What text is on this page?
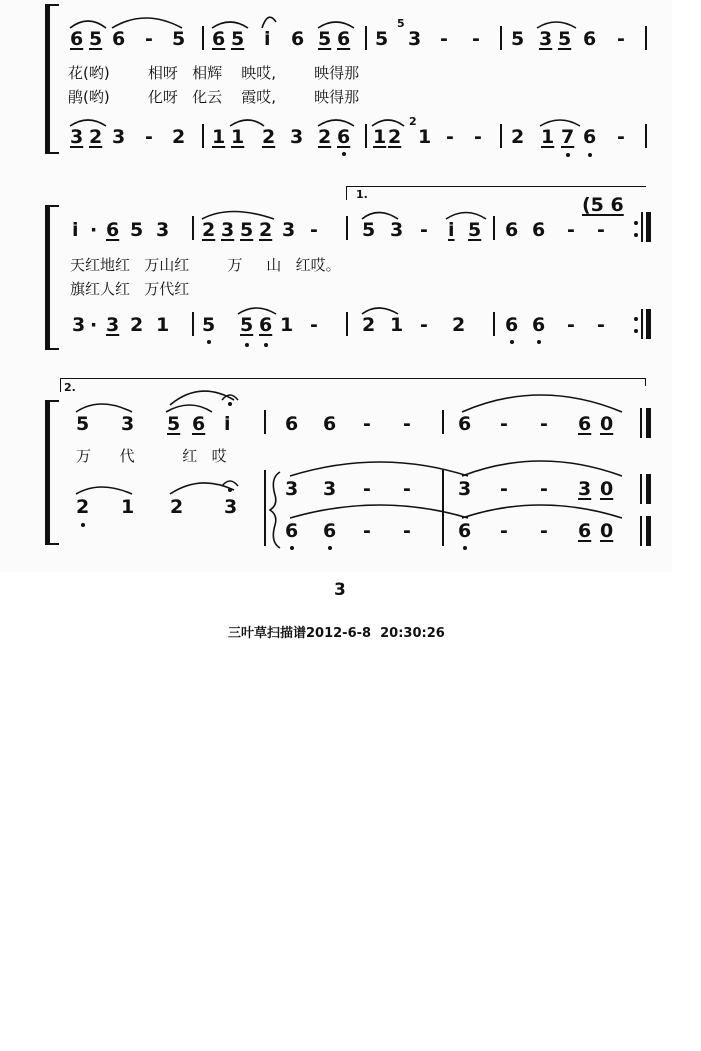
6 5 6 - 5 6 5 i 6 5 6 5
5
3 - - 5 3 5 6 -
花(哟)        相呀   相辉    映哎,        映得那
鹃(哟)        化呀   化云    霞哎,        映得那
3 2 3 - 2 1 1 2 3 2 6 1 2
2
1 - - 2 1 7 6 -
1.
i · 6 5 3 2 3 5 2 3 - 5 3 - i 5 6 6 - -
(5 6
天红地红   万山红        万     山   红哎。
旗红人红   万代红
3 · 3 2 1 5 5 6 1 - 2 1 - 2 6 6 - -
2.
5 3 5 6 i	6 6 - - 6 - - 6 0
万      代          红   哎
2 1 2 3
3 3 - - 3 - - 3 0
6 6 - - 6 - - 6 0
3
三叶草扫描谱2012-6-8  20:30:26
